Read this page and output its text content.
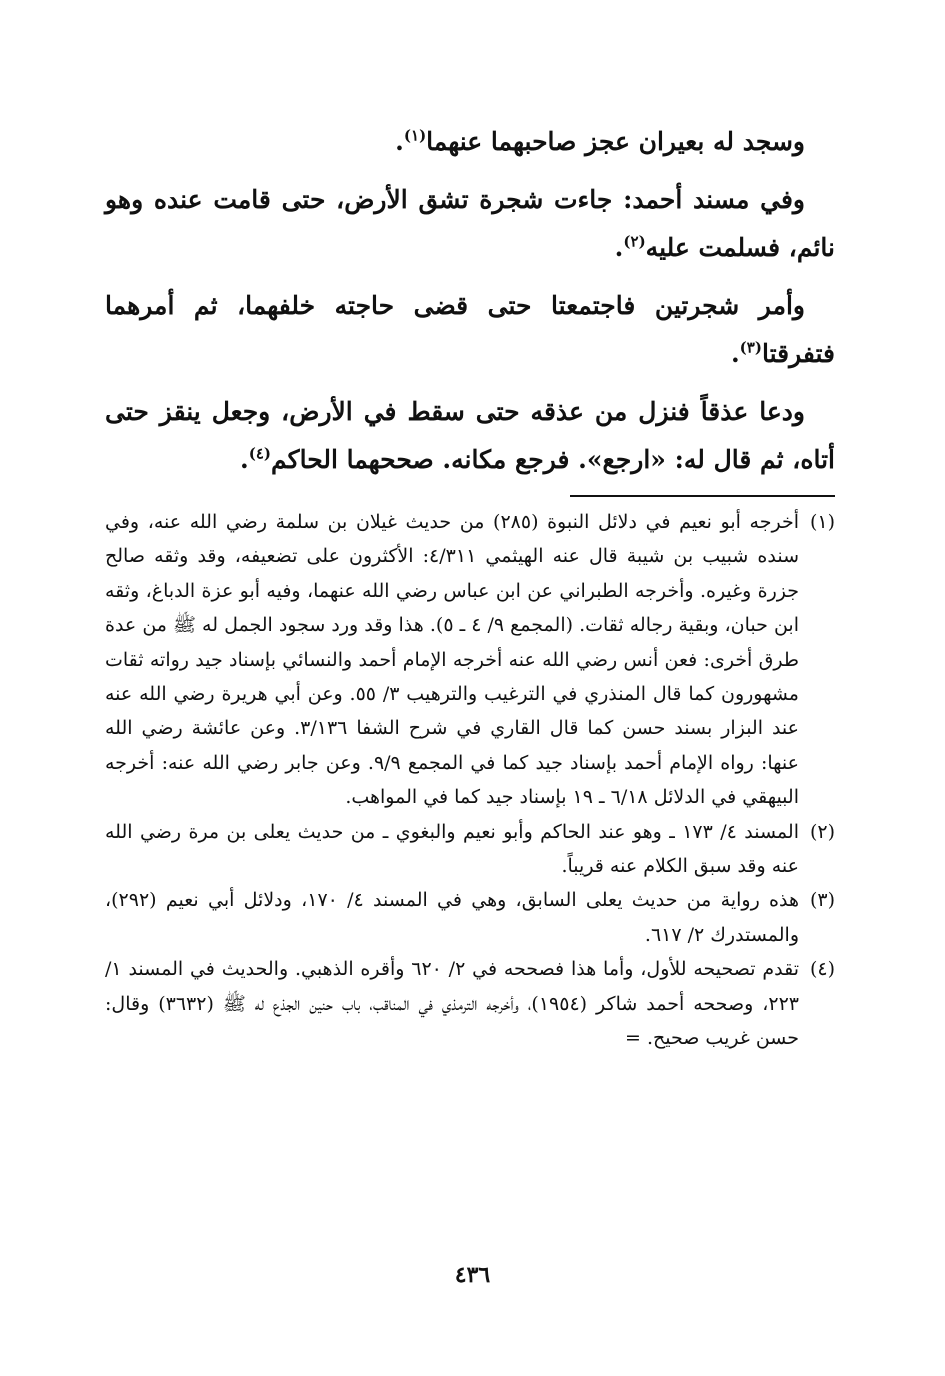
وسجد له بعيران عجز صاحبهما عنهما$^{(١)}$.

وفي مسند أحمد: جاءت شجرة تشق الأرض، حتى قامت عنده وهو نائم، فسلمت عليه$^{(٢)}$.

وأمر شجرتين فاجتمعتا حتى قضى حاجته خلفهما، ثم أمرهما فتفرقتا$^{(٣)}$.

ودعا عذقاً فنزل من عذقه حتى سقط في الأرض، وجعل ينقز حتى أتاه، ثم قال له: «ارجع». فرجع مكانه. صححهما الحاكم$^{(٤)}$.

(١)
أخرجه أبو نعيم في دلائل النبوة (٢٨٥) من حديث غيلان بن سلمة رضي الله عنه، وفي سنده شبيب بن شيبة قال عنه الهيثمي ٤/٣١١: الأكثرون على تضعيفه، وقد وثقه صالح جزرة وغيره. وأخرجه الطبراني عن ابن عباس رضي الله عنهما، وفيه أبو عزة الدباغ، وثقه ابن حبان، وبقية رجاله ثقات. (المجمع ٩/ ٤ ـ ٥). هذا وقد ورد سجود الجمل له ﷺ من عدة طرق أخرى: فعن أنس رضي الله عنه أخرجه الإمام أحمد والنسائي بإسناد جيد رواته ثقات مشهورون كما قال المنذري في الترغيب والترهيب ٣/ ٥٥. وعن أبي هريرة رضي الله عنه عند البزار بسند حسن كما قال القاري في شرح الشفا ٣/١٣٦. وعن عائشة رضي الله عنها: رواه الإمام أحمد بإسناد جيد كما في المجمع ٩/٩. وعن جابر رضي الله عنه: أخرجه البيهقي في الدلائل ٦/١٨ ـ ١٩ بإسناد جيد كما في المواهب.
(٢)
المسند ٤/ ١٧٣ ـ وهو عند الحاكم وأبو نعيم والبغوي ـ من حديث يعلى بن مرة رضي الله عنه وقد سبق الكلام عنه قريباً.
(٣)
هذه رواية من حديث يعلى السابق، وهي في المسند ٤/ ١٧٠، ودلائل أبي نعيم (٢٩٢)، والمستدرك ٢/ ٦١٧.
(٤)
تقدم تصحيحه للأول، وأما هذا فصححه في ٢/ ٦٢٠ وأقره الذهبي. والحديث في المسند ١/ ٢٢٣، وصححه أحمد شاكر (١٩٥٤)، وأخرجه الترمذي في المناقب، باب حنين الجذع له ﷺ (٣٦٣٢) وقال: حسن غريب صحيح. =
٤٣٦
